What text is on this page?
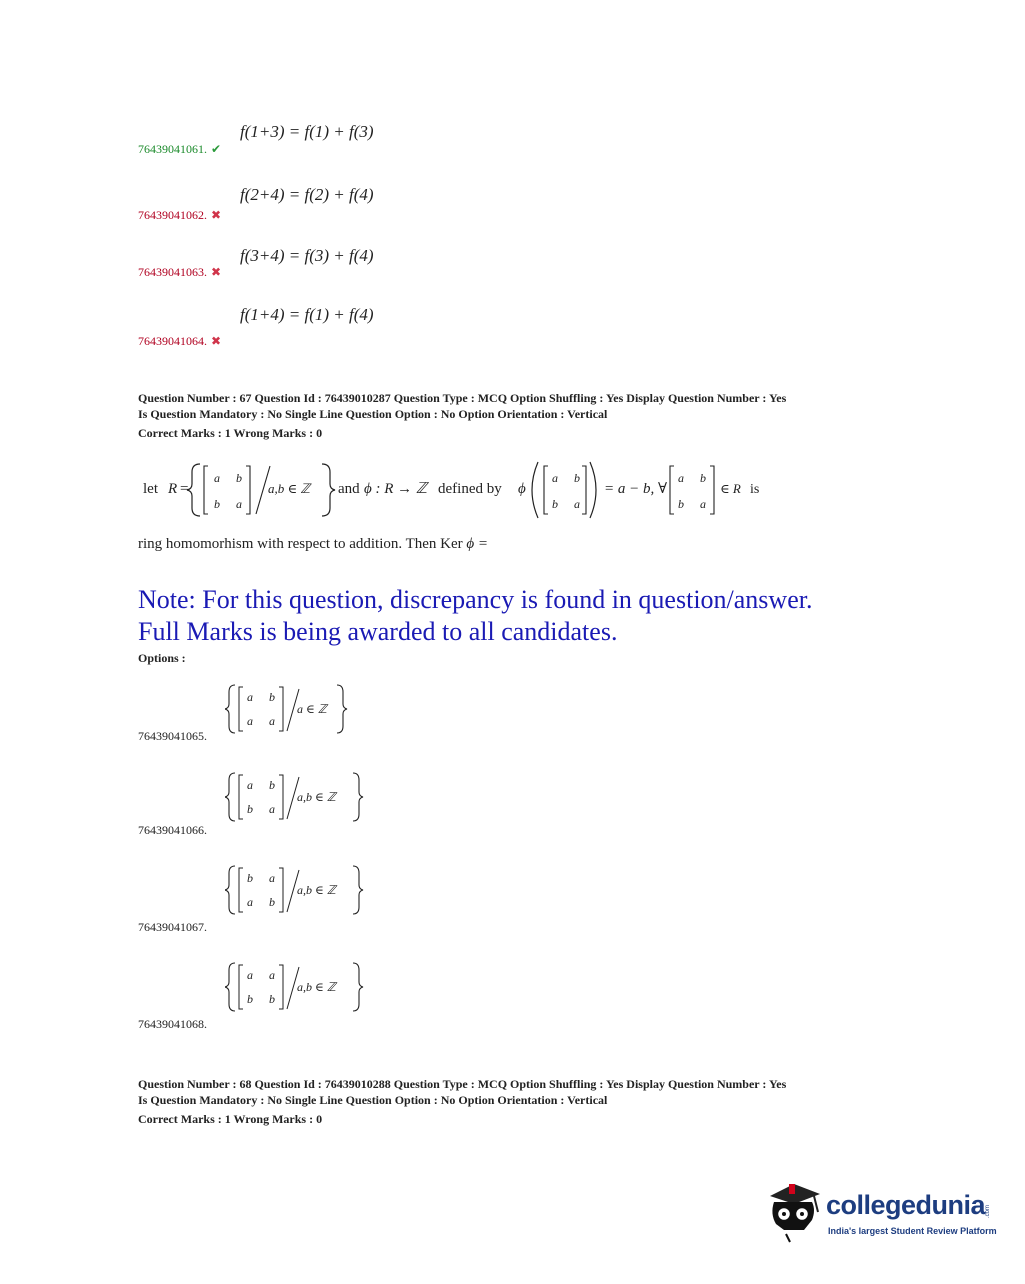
f(1+3) = f(1) + f(3)
76439041061. ✔
f(2+4) = f(2) + f(4)
76439041062. ✖
f(3+4) = f(3) + f(4)
76439041063. ✖
f(1+4) = f(1) + f(4)
76439041064. ✖
Question Number : 67 Question Id : 76439010287 Question Type : MCQ Option Shuffling : Yes Display Question Number : Yes
Is Question Mandatory : No Single Line Question Option : No Option Orientation : Vertical
Correct Marks : 1 Wrong Marks : 0
let R =
a b
b a
a,b ∈ ℤ and ϕ : R → ℤ defined by ϕ
a b
b a
= a − b, ∀
a b
b a
∈ R is
ring homomorhism with respect to addition. Then Ker ϕ =
Note: For this question, discrepancy is found in question/answer.
Full Marks is being awarded to all candidates.
Options :
a b
a a
a ∈ ℤ
76439041065.
a b
b a
a,b ∈ ℤ
76439041066.
b a
a b
a,b ∈ ℤ
76439041067.
a a
b b
a,b ∈ ℤ
76439041068.
Question Number : 68 Question Id : 76439010288 Question Type : MCQ Option Shuffling : Yes Display Question Number : Yes
Is Question Mandatory : No Single Line Question Option : No Option Orientation : Vertical
Correct Marks : 1 Wrong Marks : 0
collegedunia .com
India's largest Student Review Platform
